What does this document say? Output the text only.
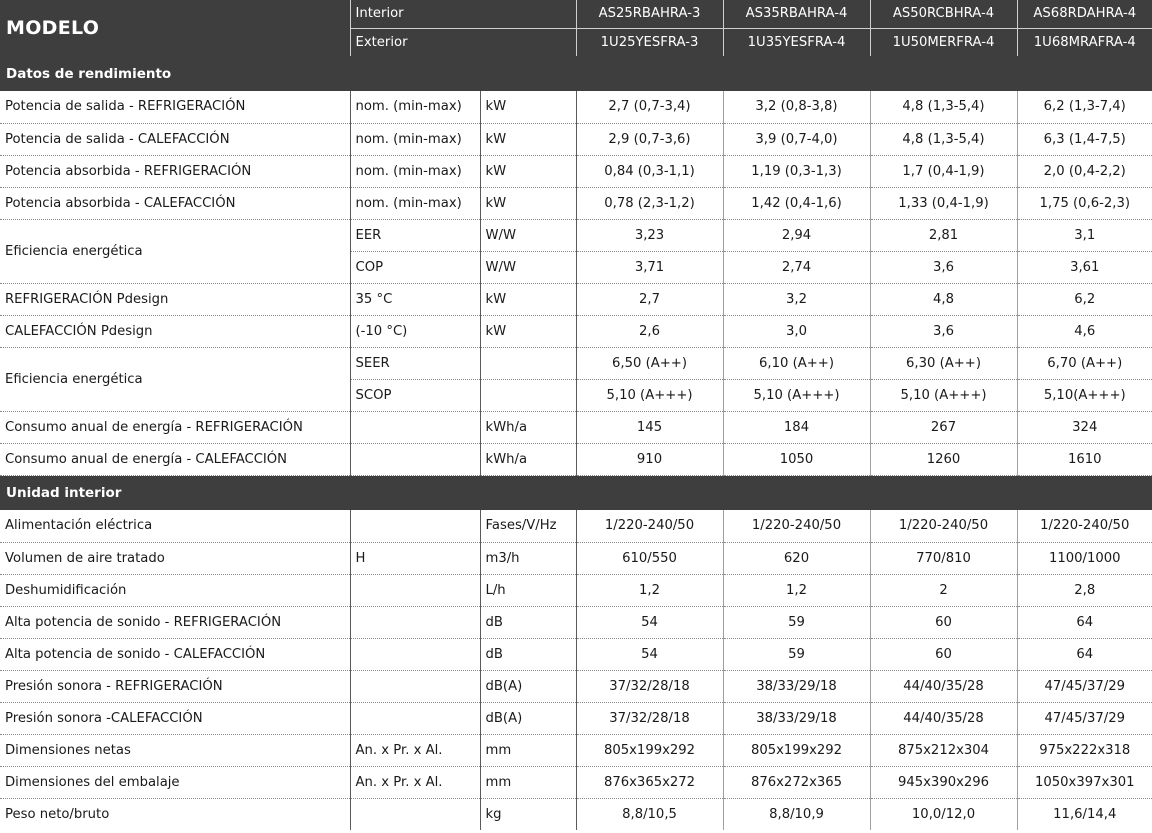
MODELO	Interior		AS25RBAHRA-3	AS35RBAHRA-4	AS50RCBHRA-4	AS68RDAHRA-4
	Exterior		1U25YESFRA-3	1U35YESFRA-4	1U50MERFRA-4	1U68MRAFRA-4
Datos de rendimiento						
Potencia de salida - REFRIGERACIÓN	nom. (min-max)	kW	2,7 (0,7-3,4)	3,2 (0,8-3,8)	4,8 (1,3-5,4)	6,2 (1,3-7,4)
Potencia de salida - CALEFACCIÓN	nom. (min-max)	kW	2,9 (0,7-3,6)	3,9 (0,7-4,0)	4,8 (1,3-5,4)	6,3 (1,4-7,5)
Potencia absorbida - REFRIGERACIÓN	nom. (min-max)	kW	0,84 (0,3-1,1)	1,19 (0,3-1,3)	1,7 (0,4-1,9)	2,0 (0,4-2,2)
Potencia absorbida - CALEFACCIÓN	nom. (min-max)	kW	0,78 (2,3-1,2)	1,42 (0,4-1,6)	1,33 (0,4-1,9)	1,75 (0,6-2,3)
Eficiencia energética	EER	W/W	3,23	2,94	2,81	3,1
	COP	W/W	3,71	2,74	3,6	3,61
REFRIGERACIÓN Pdesign	35 °C	kW	2,7	3,2	4,8	6,2
CALEFACCIÓN Pdesign	(-10 °C)	kW	2,6	3,0	3,6	4,6
Eficiencia energética	SEER		6,50 (A++)	6,10 (A++)	6,30 (A++)	6,70 (A++)
	SCOP		5,10 (A+++)	5,10 (A+++)	5,10 (A+++)	5,10(A+++)
Consumo anual de energía - REFRIGERACIÓN		kWh/a	145	184	267	324
Consumo anual de energía - CALEFACCIÓN		kWh/a	910	1050	1260	1610
Unidad interior						
Alimentación eléctrica		Fases/V/Hz	1/220-240/50	1/220-240/50	1/220-240/50	1/220-240/50
Volumen de aire tratado	H	m3/h	610/550	620	770/810	1100/1000
Deshumidificación		L/h	1,2	1,2	2	2,8
Alta potencia de sonido - REFRIGERACIÓN		dB	54	59	60	64
Alta potencia de sonido - CALEFACCIÓN		dB	54	59	60	64
Presión sonora - REFRIGERACIÓN		dB(A)	37/32/28/18	38/33/29/18	44/40/35/28	47/45/37/29
Presión sonora -CALEFACCIÓN		dB(A)	37/32/28/18	38/33/29/18	44/40/35/28	47/45/37/29
Dimensiones netas	An. x Pr. x Al.	mm	805x199x292	805x199x292	875x212x304	975x222x318
Dimensiones del embalaje	An. x Pr. x Al.	mm	876x365x272	876x272x365	945x390x296	1050x397x301
Peso neto/bruto		kg	8,8/10,5	8,8/10,9	10,0/12,0	11,6/14,4
